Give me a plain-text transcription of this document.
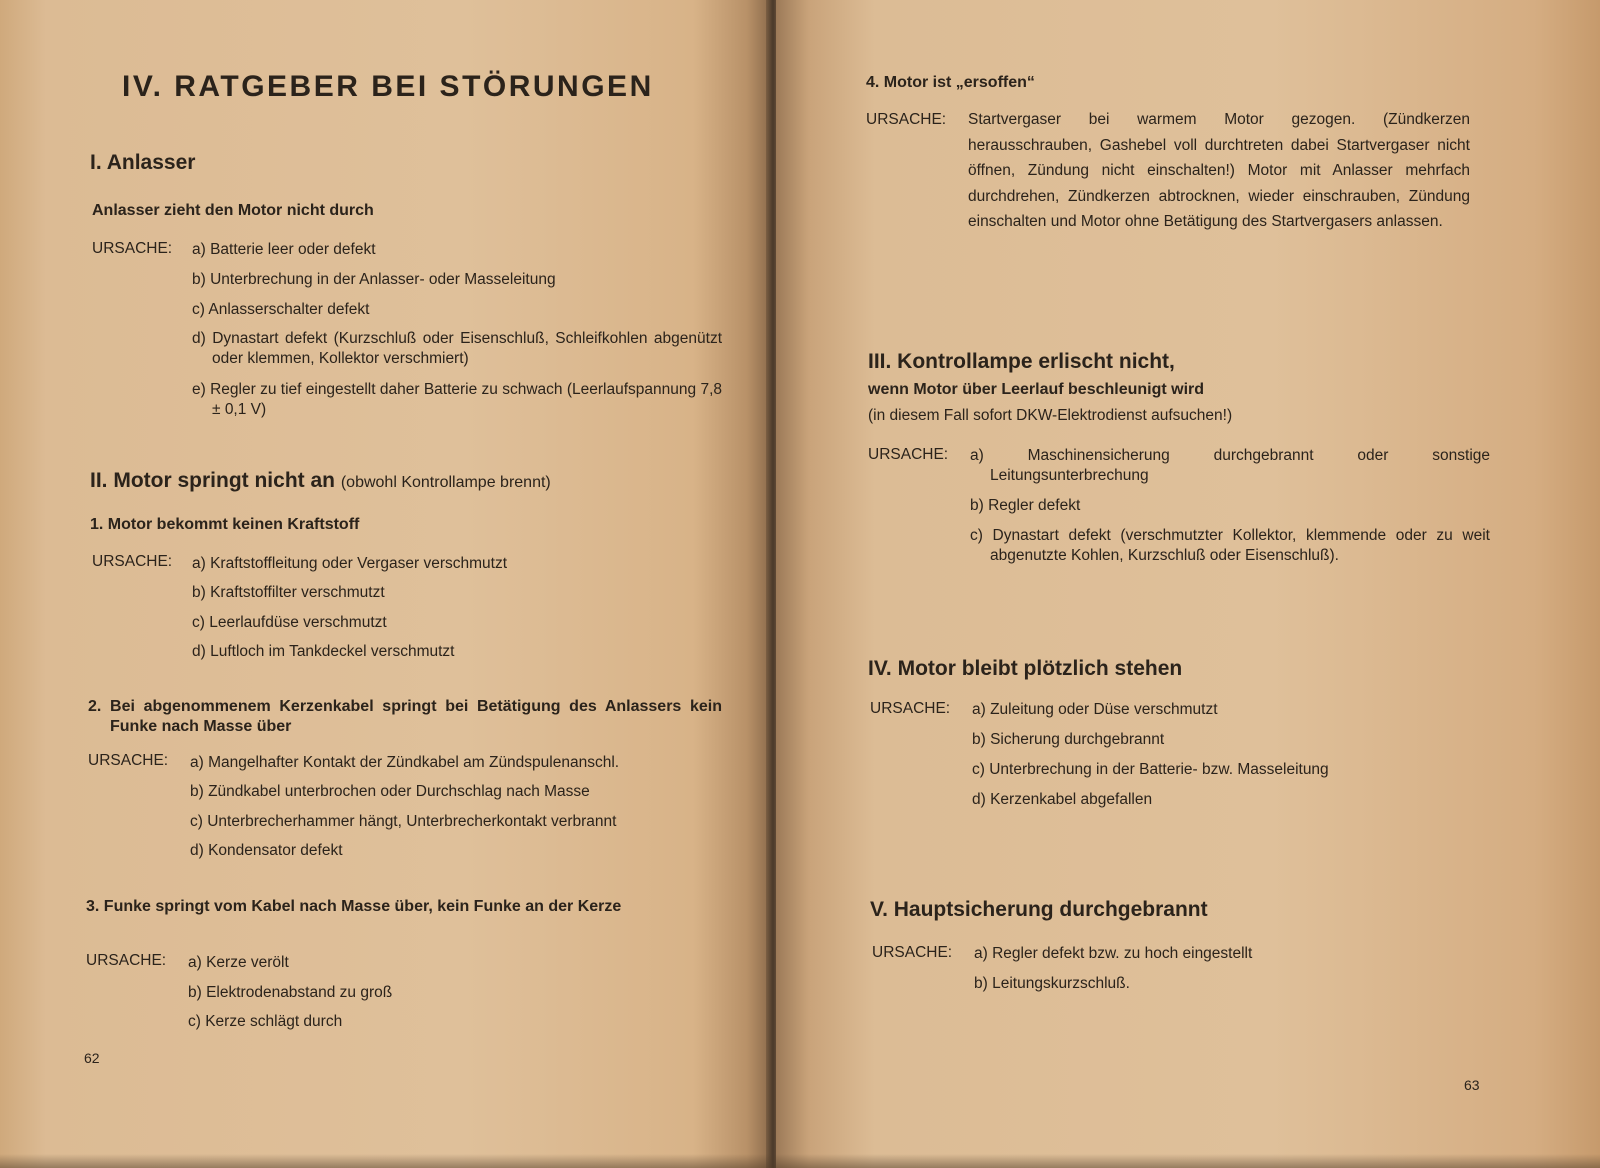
IV. RATGEBER BEI STÖRUNGEN
I. Anlasser
Anlasser zieht den Motor nicht durch
URSACHE: a) Batterie leer oder defekt
b) Unterbrechung in der Anlasser- oder Masseleitung
c) Anlasserschalter defekt
d) Dynastart defekt (Kurzschluß oder Eisenschluß, Schleifkohlen abgenützt oder klemmen, Kollektor verschmiert)
e) Regler zu tief eingestellt daher Batterie zu schwach (Leerlaufspannung 7,8 ± 0,1 V)
II. Motor springt nicht an (obwohl Kontrollampe brennt)
1. Motor bekommt keinen Kraftstoff
URSACHE: a) Kraftstoffleitung oder Vergaser verschmutzt
b) Kraftstoffilter verschmutzt
c) Leerlaufdüse verschmutzt
d) Luftloch im Tankdeckel verschmutzt
2. Bei abgenommenem Kerzenkabel springt bei Betätigung des Anlassers kein Funke nach Masse über
URSACHE: a) Mangelhafter Kontakt der Zündkabel am Zündspulenanschl.
b) Zündkabel unterbrochen oder Durchschlag nach Masse
c) Unterbrecherhammer hängt, Unterbrecherkontakt verbrannt
d) Kondensator defekt
3. Funke springt vom Kabel nach Masse über, kein Funke an der Kerze
URSACHE: a) Kerze verölt
b) Elektrodenabstand zu groß
c) Kerze schlägt durch
62
4. Motor ist „ersoffen“
URSACHE: Startvergaser bei warmem Motor gezogen. (Zündkerzen herausschrauben, Gashebel voll durchtreten dabei Startvergaser nicht öffnen, Zündung nicht einschalten!) Motor mit Anlasser mehrfach durchdrehen, Zündkerzen abtrocknen, wieder einschrauben, Zündung einschalten und Motor ohne Betätigung des Startvergasers anlassen.
III. Kontrollampe erlischt nicht,
wenn Motor über Leerlauf beschleunigt wird
(in diesem Fall sofort DKW-Elektrodienst aufsuchen!)
URSACHE: a) Maschinensicherung durchgebrannt oder sonstige Leitungsunterbrechung
b) Regler defekt
c) Dynastart defekt (verschmutzter Kollektor, klemmende oder zu weit abgenutzte Kohlen, Kurzschluß oder Eisenschluß).
IV. Motor bleibt plötzlich stehen
URSACHE: a) Zuleitung oder Düse verschmutzt
b) Sicherung durchgebrannt
c) Unterbrechung in der Batterie- bzw. Masseleitung
d) Kerzenkabel abgefallen
V. Hauptsicherung durchgebrannt
URSACHE: a) Regler defekt bzw. zu hoch eingestellt
b) Leitungskurzschluß.
63
